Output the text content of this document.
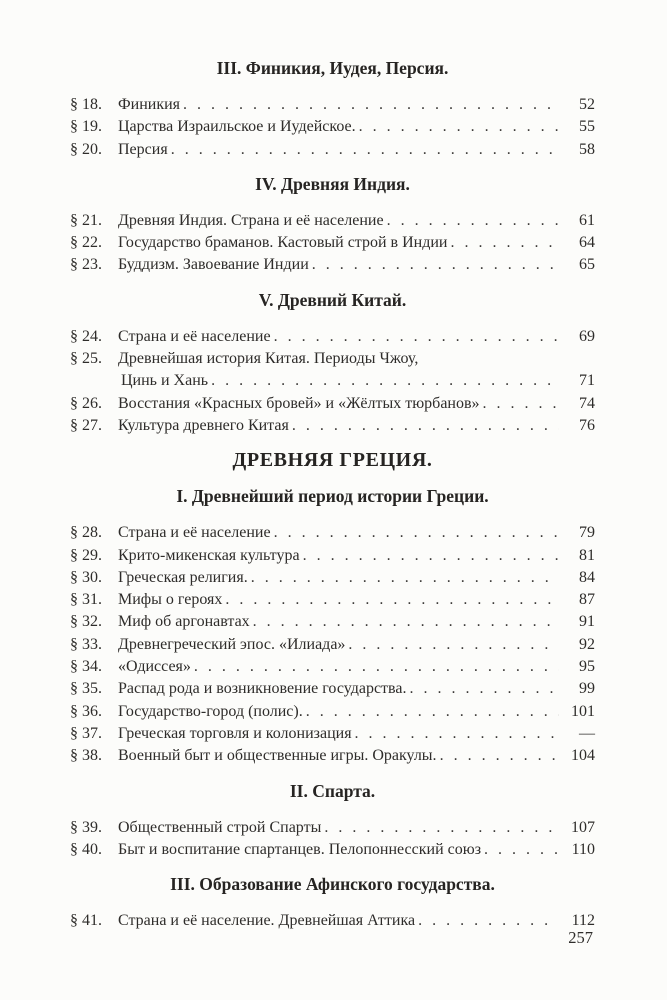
III. Финикия, Иудея, Персия.
§ 18.	Финикия . . .	52
§ 19.	Царства Израильское и Иудейское. . . .	55
§ 20.	Персия . . .	58
IV. Древняя Индия.
§ 21.	Древняя Индия. Страна и её население . . .	61
§ 22.	Государство браманов. Кастовый строй в Индии . . .	64
§ 23.	Буддизм. Завоевание Индии . . .	65
V. Древний Китай.
§ 24.	Страна и её население . . .	69
§ 25.	Древнейшая история Китая. Периоды Чжоу,
Цинь и Хань . . .	71
§ 26.	Восстания «Красных бровей» и «Жёлтых тюрбанов» . . .	74
§ 27.	Культура древнего Китая . . .	76
ДРЕВНЯЯ ГРЕЦИЯ.
I. Древнейший период истории Греции.
§ 28.	Страна и её население . . .	79
§ 29.	Крито-микенская культура . . .	81
§ 30.	Греческая религия. . . .	84
§ 31.	Мифы о героях . . .	87
§ 32.	Миф об аргонавтах . . .	91
§ 33.	Древнегреческий эпос. «Илиада» . . .	92
§ 34.	«Одиссея» . . .	95
§ 35.	Распад рода и возникновение государства. . . .	99
§ 36.	Государство-город (полис). . . .	101
§ 37.	Греческая торговля и колонизация . . .	—
§ 38.	Военный быт и общественные игры. Оракулы. . . .	104
II. Спарта.
§ 39.	Общественный строй Спарты . . .	107
§ 40.	Быт и воспитание спартанцев. Пелопоннесский союз . . .	110
III. Образование Афинского государства.
§ 41.	Страна и её население. Древнейшая Аттика . . .	112
257
